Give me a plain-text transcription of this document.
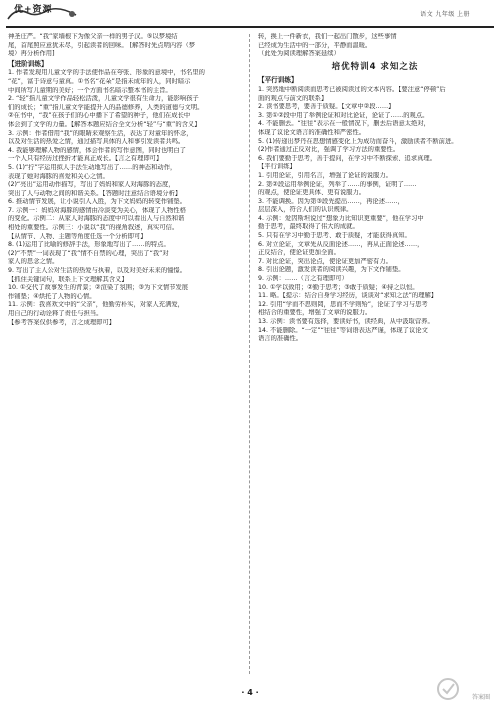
优+资源	语文 九年级 上册
神圣庄严。“我”家墙根下为像父亲一样的男子汉。⑤以梦境结
尾，首尾照应意犹未尽，引起读者的回味。 [解答时先点明内容（梦
境）再分析作用]
【进阶训练】
1. 作者发现用儿童文学的手法使作品在夸张、形象的意境中，书名里的
“花”，富于诗意与童真。①书名“花朵”是指未成年的人，同时暗示
中间所写儿童期的美好；一个方面书名暗示整本书的主旨。
2. “轻”指儿童文学作品轻松活泼，儿童文学很有生命力，能影响孩子
们的成长；“重”指儿童文学能提升人的品德修养，人类的道德与文明。
②在书中，“我”在孩子们的心中播下了希望的种子，他们在成长中
体会到了文学的力量。【解答本题应结合全文分析“轻”与“重”的含义】
3. 示例：作者借用“我”的眼睛来观察生活，表达了对童年的怀念，
以及对生活的热爱之情，通过描写具体的人和事引发读者共鸣。
4. 我能够理解人物的感情，体会作者的写作意图，同时也明白了
一个人只有经历过挫折才能真正成长。【言之有理即可】
5. (1)“拧”字运用拟人手法生动地写出了……的神态和动作，
表现了她对海豚的喜爱和关心之情。
(2)“亮出”运用动作描写，写出了妈妈和家人对海豚的态度，
突出了人与动物之间的和谐关系。【答题时注意结合语境分析】
6. 推动情节发展，让小说引人入胜，为下文妈妈的转变作铺垫。
7. 示例一：妈妈对海豚的感情由冷淡变为关心，体现了人物性格
的变化。示例二：从家人对海豚的态度中可以看出人与自然和谐
相处的重要性。示例三：小说以“我”的视角叙述，真实可信。
【从情节、人物、主题等角度任选一个分析即可】
8. (1)运用了比喻的修辞手法，形象地写出了……的特点。
(2)“不禁”一词表现了“我”情不自禁的心理，突出了“我”对
家人的思念之情。
9. 写出了主人公对生活的热爱与执着，以及对美好未来的憧憬。
【抓住关键词句，联系上下文理解其含义】
10. ①交代了故事发生的背景；②渲染了氛围；③为下文情节发展
作铺垫；④烘托了人物的心情。
11. 示例：我喜欢文中的“父亲”，他勤劳朴实，对家人充满爱，
用自己的行动诠释了责任与担当。
【参考答案仅供参考，言之成理即可】
转，换上一件新衣，我们一起出门散步，这些事情
已经成为生活中的一部分，平静而温暖。
（此处为阅读理解答案延续）
培优特训4 求知之法
【平行训练】
1. 突然地中断阅读而思考已被阅读过的文本内容。【要注意“停顿”后
面的观点与前文的联系】
2. 读书要思考，要善于质疑。【文章中②段……】
3. 第①②段中用了举例论证和对比论证，论证了……的观点。
4. 不能删去。“往往”表示在一般情况下，删去后语意太绝对，
体现了议论文语言的准确性和严密性。
5. (1)传递出梦丹在思想情感变化上为成功而奋斗，激励读者不断前进。
(2)作者通过正反对比，强调了学习方法的重要性。
6. 我们要勤于思考，善于提问，在学习中不断探索、追求真理。
【平行训练】
1. 引用论证，引用名言，增强了论证的说服力。
2. 第②段运用举例论证，列举了……的事例，证明了……
的观点，使论证更具体、更有说服力。
3. 不能调换。因为第③段先提出……，再论述……，
层层深入，符合人们的认识规律。
4. 示例：爱因斯坦说过“想象力比知识更重要”，他在学习中
勤于思考，最终取得了伟大的成就。
5. 只有在学习中勤于思考、敢于质疑，才能获得真知。
6. 对立论证，文章先从反面论述……，再从正面论述……，
正反结合，使论证更加全面。
7. 对比论证，突出论点，使论证更加严密有力。
8. 引出论题，激发读者的阅读兴趣，为下文作铺垫。
9. 示例：……（言之有理即可）
10. ①学以致用；②勤于思考；③敢于质疑；④持之以恒。
11. 略。【提示：结合自身学习经历，谈谈对“求知之法”的理解】
12. 引用“学而不思则罔，思而不学则殆”，论证了学习与思考
相结合的重要性，增强了文章的说服力。
13. 示例：读书要有选择，要读好书，读经典，从中汲取营养。
14. 不能删除。“一定”“往往”等词语表达严谨，体现了议论文
语言的准确性。
· 4 ·
答案圈
